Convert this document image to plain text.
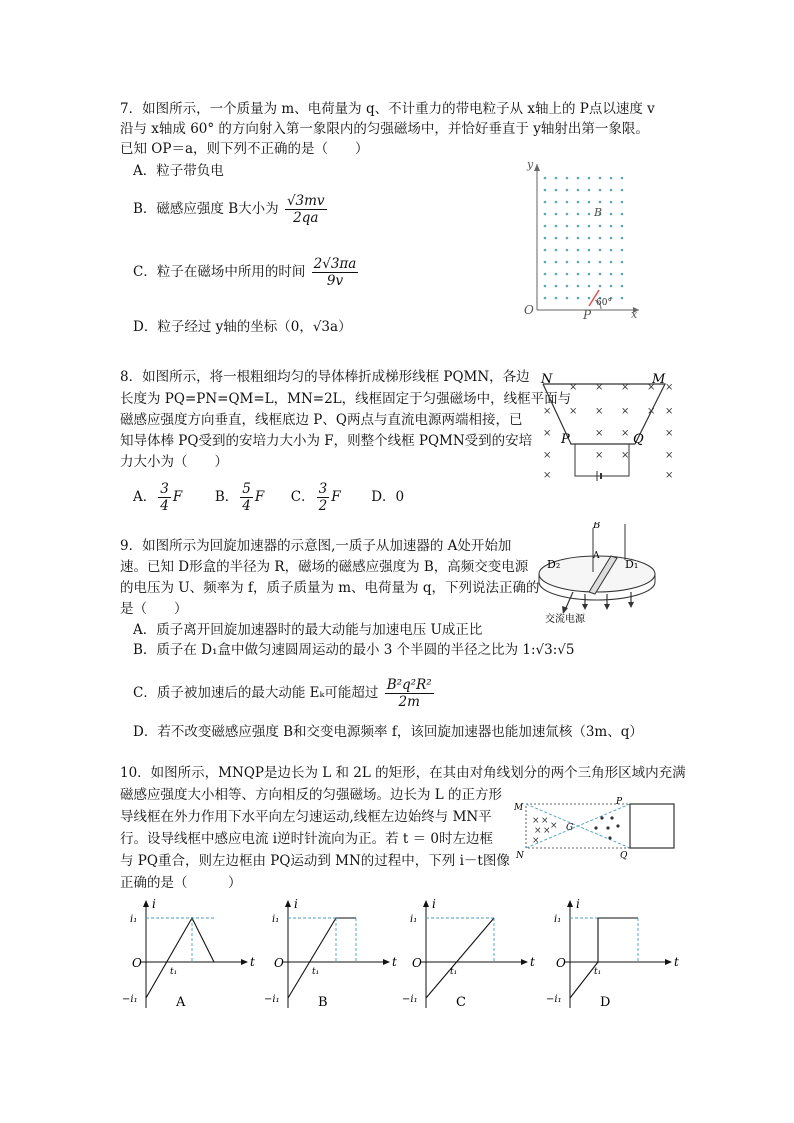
7．如图所示，一个质量为 m、电荷量为 q、不计重力的带电粒子从 x轴上的 P点以速度 v
沿与 x轴成 60° 的方向射入第一象限内的匀强磁场中，并恰好垂直于 y轴射出第一象限。
已知 OP＝a，则下列不正确的是（　　）
A．粒子带负电
B．磁感应强度 B大小为 $\frac{√3mv}{2qa}$
C．粒子在磁场中所用的时间 $\frac{2√3\pi a}{9v}$
D．粒子经过 y轴的坐标（0，√3a）
y
x
O	P
B
60°
8．如图所示，将一根粗细均匀的导体棒折成梯形线框 PQMN，各边
长度为 PQ=PN=QM=L，MN=2L，线框固定于匀强磁场中，线框平面与
磁感应强度方向垂直，线框底边 P、Q两点与直流电源两端相接，已
知导体棒 PQ受到的安培力大小为 F，则整个线框 PQMN受到的安培
力大小为（　　）
A． $\frac{3}{4}$ F B． $\frac{5}{4}$ F C． $\frac{3}{2}$ F D．0
× × × × ×
× × × × × ×
×	× ×	×
×	× ×	×
×	×
N	M
P	Q
9．如图所示为回旋加速器的示意图,一质子从加速器的 A处开始加
速。已知 D形盒的半径为 R，磁场的磁感应强度为 B，高频交变电源
的电压为 U、频率为 f，质子质量为 m、电荷量为 q，下列说法正确的
是（　　）
A．质子离开回旋加速器时的最大动能与加速电压 U成正比
B．质子在 D₁盒中做匀速圆周运动的最小 3 个半圆的半径之比为 1:√3:√5
C．质子被加速后的最大动能 Eₖ可能超过 $\frac{\text{B²q²R²}}{2m}$
D．若不改变磁感应强度 B和交变电源频率 f，该回旋加速器也能加速氚核（3m、q）
B
A
D₂	D₁
交流电源
10．如图所示，MNQP是边长为 L 和 2L 的矩形，在其由对角线划分的两个三角形区域内充满
磁感应强度大小相等、方向相反的匀强磁场。边长为 L 的正方形
导线框在外力作用下水平向左匀速运动,线框左边始终与 MN平
行。设导线框中感应电流 i逆时针流向为正。若 t ＝ 0时左边框
与 PQ重合，则左边框由 PQ运动到 MN的过程中，下列 i－t图像
正确的是（　　　）
× ×
× ×
×
×
M
N
P
Q
G
i
t
O
i₁
−i₁
t₁
A
i
t
O
i₁
−i₁
t₁
B
i
t
O
i₁
−i₁
t₁
C
i
t
O
i₁
−i₁
t₁
D
